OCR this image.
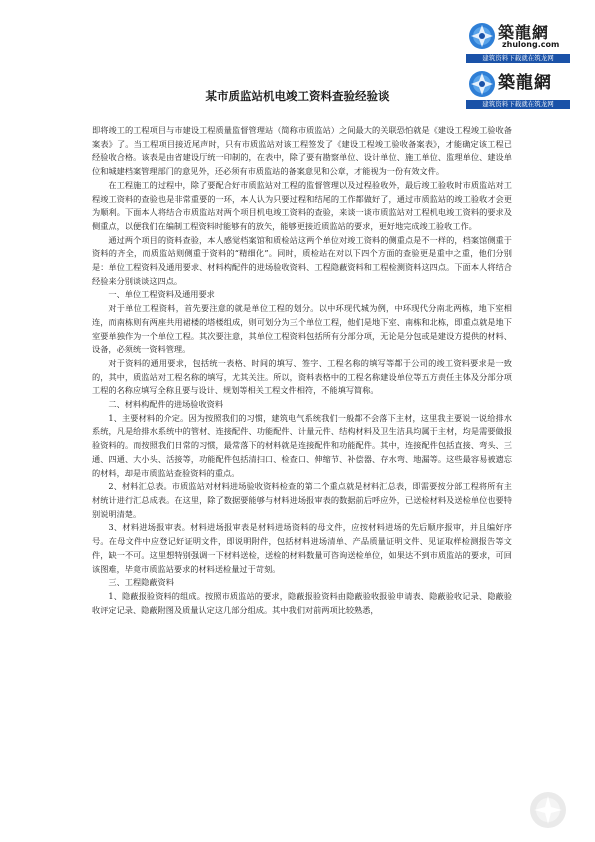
築龍網
zhulong.com
建筑资料下载就在筑龙网
築龍網
建筑资料下载就在筑龙网
某市质监站机电竣工资料查验经验谈

即将竣工的工程项目与市建设工程质量监督管理站（简称市质监站）之间最大的关联恐怕就是《建设工程竣工验收备案表》了。当工程项目接近尾声时，只有市质监站对该工程签发了《建设工程竣工验收备案表》，才能确定该工程已经验收合格。该表是由省建设厅统一印制的，在表中，除了要有勘察单位、设计单位、施工单位、监理单位、建设单位和城建档案管理部门的意见外，还必须有市质监站的备案意见和公章，才能视为一份有效文件。

在工程施工的过程中，除了要配合好市质监站对工程的监督管理以及过程验收外，最后竣工验收时市质监站对工程竣工资料的查验也是非常重要的一环，本人认为只要过程和结尾的工作都做好了，通过市质监站的竣工验收才会更为顺利。下面本人将结合市质监站对两个项目机电竣工资料的查验，来谈一谈市质监站对工程机电竣工资料的要求及侧重点，以便我们在编制工程资料时能够有的放矢，能够更接近质监站的要求，更好地完成竣工验收工作。

通过两个项目的资料查验，本人感觉档案馆和质检站这两个单位对竣工资料的侧重点是不一样的，档案馆侧重于资料的齐全，而质监站则侧重于资料的“精细化”。同时，质检站在对以下四个方面的查验更是重中之重，他们分别是：单位工程资料及通用要求、材料构配件的进场验收资料、工程隐蔽资料和工程检测资料这四点。下面本人将结合经验来分别谈谈这四点。

一、单位工程资料及通用要求

对于单位工程资料，首先要注意的就是单位工程的划分。以中环现代城为例，中环现代分南北两栋，地下室相连，而南栋则有两座共用裙楼的塔楼组成，则可划分为三个单位工程，他们是地下室、南栋和北栋，即重点就是地下室要单独作为一个单位工程。其次要注意，其单位工程资料包括所有分部分项，无论是分包或是建设方提供的材料、设备，必须统一资料管理。

对于资料的通用要求，包括统一表格、时间的填写、签字、工程名称的填写等都于公司的竣工资料要求是一致的，其中，质监站对工程名称的填写，尤其关注。所以，资料表格中的工程名称建设单位等五方责任主体及分部分项工程的名称应填写全称且要与设计、规划等相关工程文件相符，不能填写简称。

二、材料构配件的进场验收资料

1、主要材料的介定。因为按照我们的习惯，建筑电气系统我们一般都不会落下主材，这里我主要说一说给排水系统，凡是给排水系统中的管材、连接配件、功能配件、计量元件、结构材料及卫生洁具均属于主材，均是需要做报验资料的。而按照我们日常的习惯，最常落下的材料就是连接配件和功能配件。其中，连接配件包括直接、弯头、三通、四通、大小头、活接等，功能配件包括清扫口、检查口、伸缩节、补偿器、存水弯、地漏等。这些最容易被遗忘的材料，却是市质监站查验资料的重点。

2、材料汇总表。市质监站对材料进场验收资料检查的第二个重点就是材料汇总表，即需要按分部工程将所有主材统计进行汇总成表。在这里，除了数据要能够与材料进场报审表的数据前后呼应外，已送检材料及送检单位也要特别说明清楚。

3、材料进场报审表。材料进场报审表是材料进场资料的母文件，应按材料进场的先后顺序报审，并且编好序号。在母文件中应登记好证明文件，即说明附件，包括材料进场清单、产品质量证明文件、见证取样检测报告等文件，缺一不可。这里想特别强调一下材料送检，送检的材料数量可咨询送检单位，如果达不到市质监站的要求，可回该图难，毕竟市质监站要求的材料送检量过于苛刻。

三、工程隐蔽资料

1、隐蔽报验资料的组成。按照市质监站的要求，隐蔽报验资料由隐蔽验收报验申请表、隐蔽验收记录、隐蔽验收评定记录、隐蔽附图及质量认定这几部分组成。其中我们对前两项比较熟悉，
